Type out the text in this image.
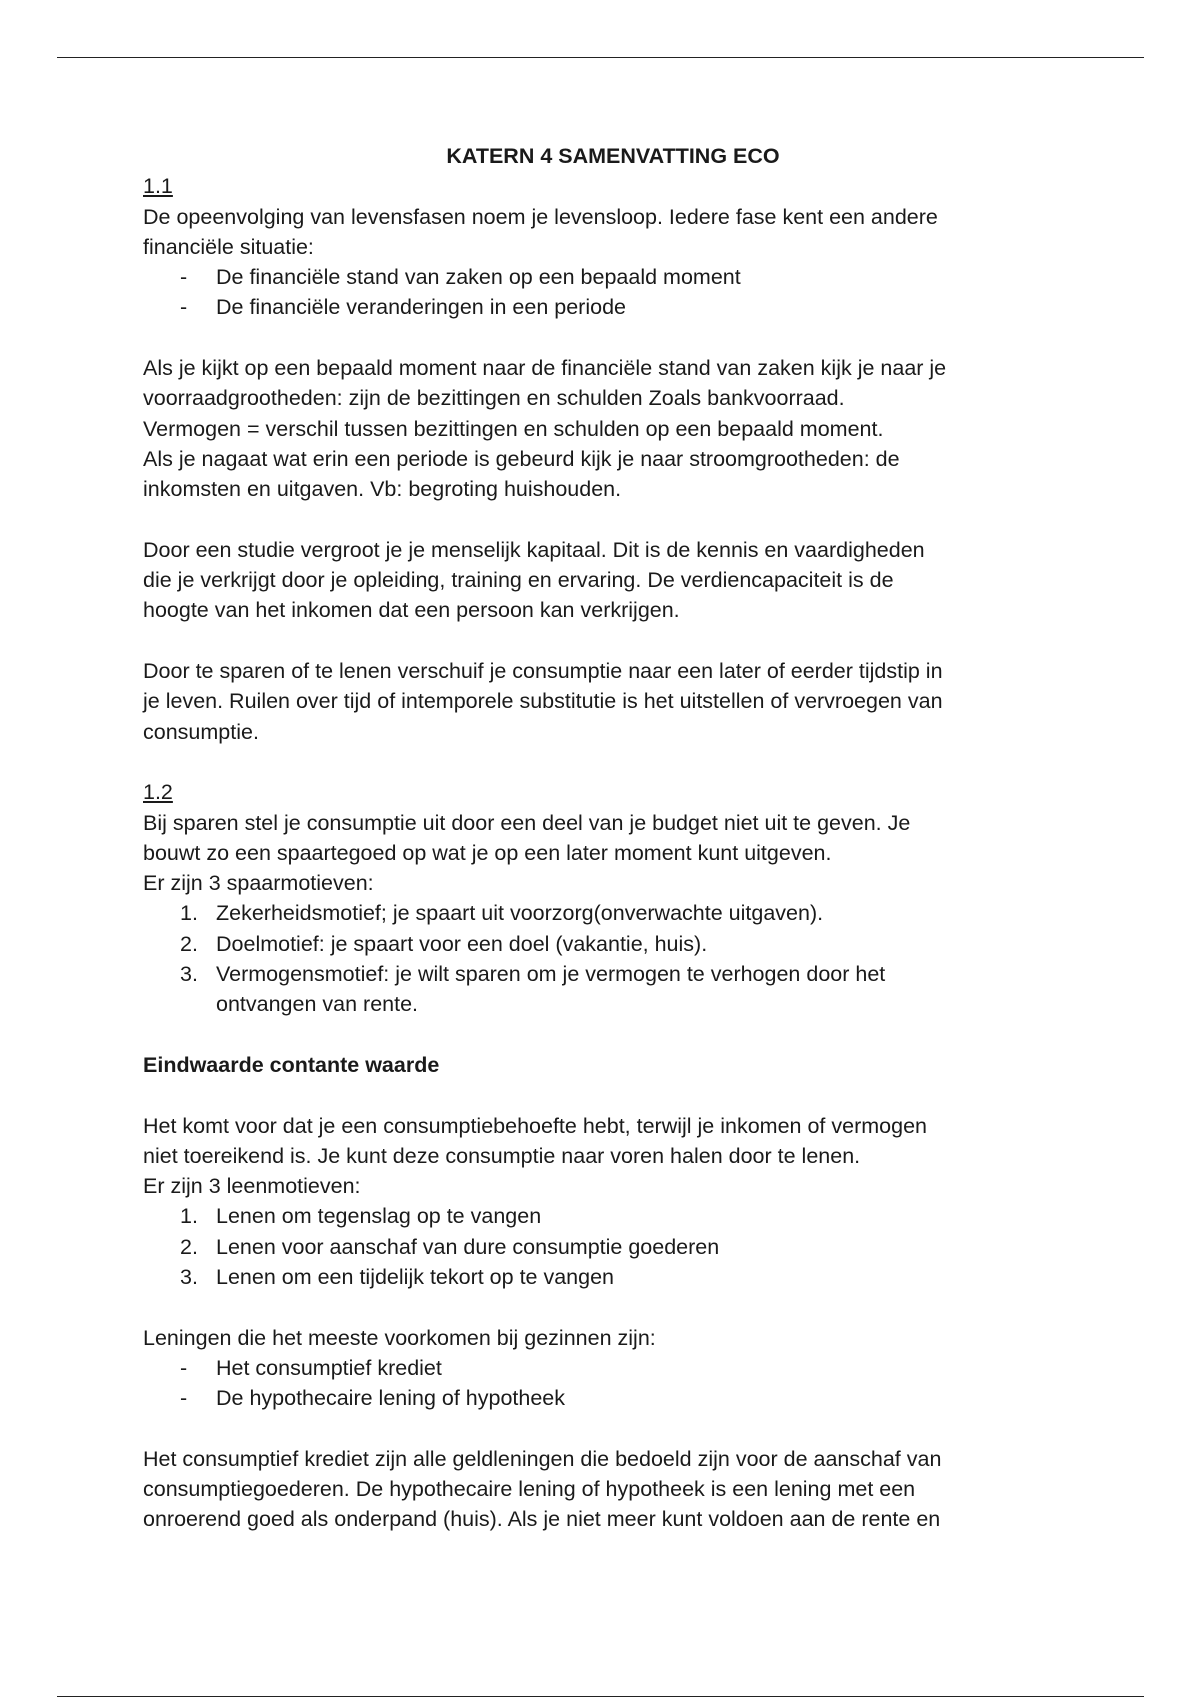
KATERN 4 SAMENVATTING ECO

1.1

De opeenvolging van levensfasen noem je levensloop. Iedere fase kent een andere

financiële situatie:

-	De financiële stand van zaken op een bepaald moment
-	De financiële veranderingen in een periode

Als je kijkt op een bepaald moment naar de financiële stand van zaken kijk je naar je

voorraadgrootheden: zijn de bezittingen en schulden Zoals bankvoorraad.

Vermogen = verschil tussen bezittingen en schulden op een bepaald moment.

Als je nagaat wat erin een periode is gebeurd kijk je naar stroomgrootheden: de

inkomsten en uitgaven. Vb: begroting huishouden.

Door een studie vergroot je je menselijk kapitaal. Dit is de kennis en vaardigheden

die je verkrijgt door je opleiding, training en ervaring. De verdiencapaciteit is de

hoogte van het inkomen dat een persoon kan verkrijgen.

Door te sparen of te lenen verschuif je consumptie naar een later of eerder tijdstip in

je leven. Ruilen over tijd of intemporele substitutie is het uitstellen of vervroegen van

consumptie.

1.2

Bij sparen stel je consumptie uit door een deel van je budget niet uit te geven. Je

bouwt zo een spaartegoed op wat je op een later moment kunt uitgeven.

Er zijn 3 spaarmotieven:

1. Zekerheidsmotief; je spaart uit voorzorg(onverwachte uitgaven).
2. Doelmotief: je spaart voor een doel (vakantie, huis).
3. Vermogensmotief: je wilt sparen om je vermogen te verhogen door het
ontvangen van rente.

Eindwaarde contante waarde

Het komt voor dat je een consumptiebehoefte hebt, terwijl je inkomen of vermogen

niet toereikend is. Je kunt deze consumptie naar voren halen door te lenen.

Er zijn 3 leenmotieven:

1. Lenen om tegenslag op te vangen
2. Lenen voor aanschaf van dure consumptie goederen
3. Lenen om een tijdelijk tekort op te vangen

Leningen die het meeste voorkomen bij gezinnen zijn:

-	Het consumptief krediet
-	De hypothecaire lening of hypotheek

Het consumptief krediet zijn alle geldleningen die bedoeld zijn voor de aanschaf van

consumptiegoederen. De hypothecaire lening of hypotheek is een lening met een

onroerend goed als onderpand (huis). Als je niet meer kunt voldoen aan de rente en
